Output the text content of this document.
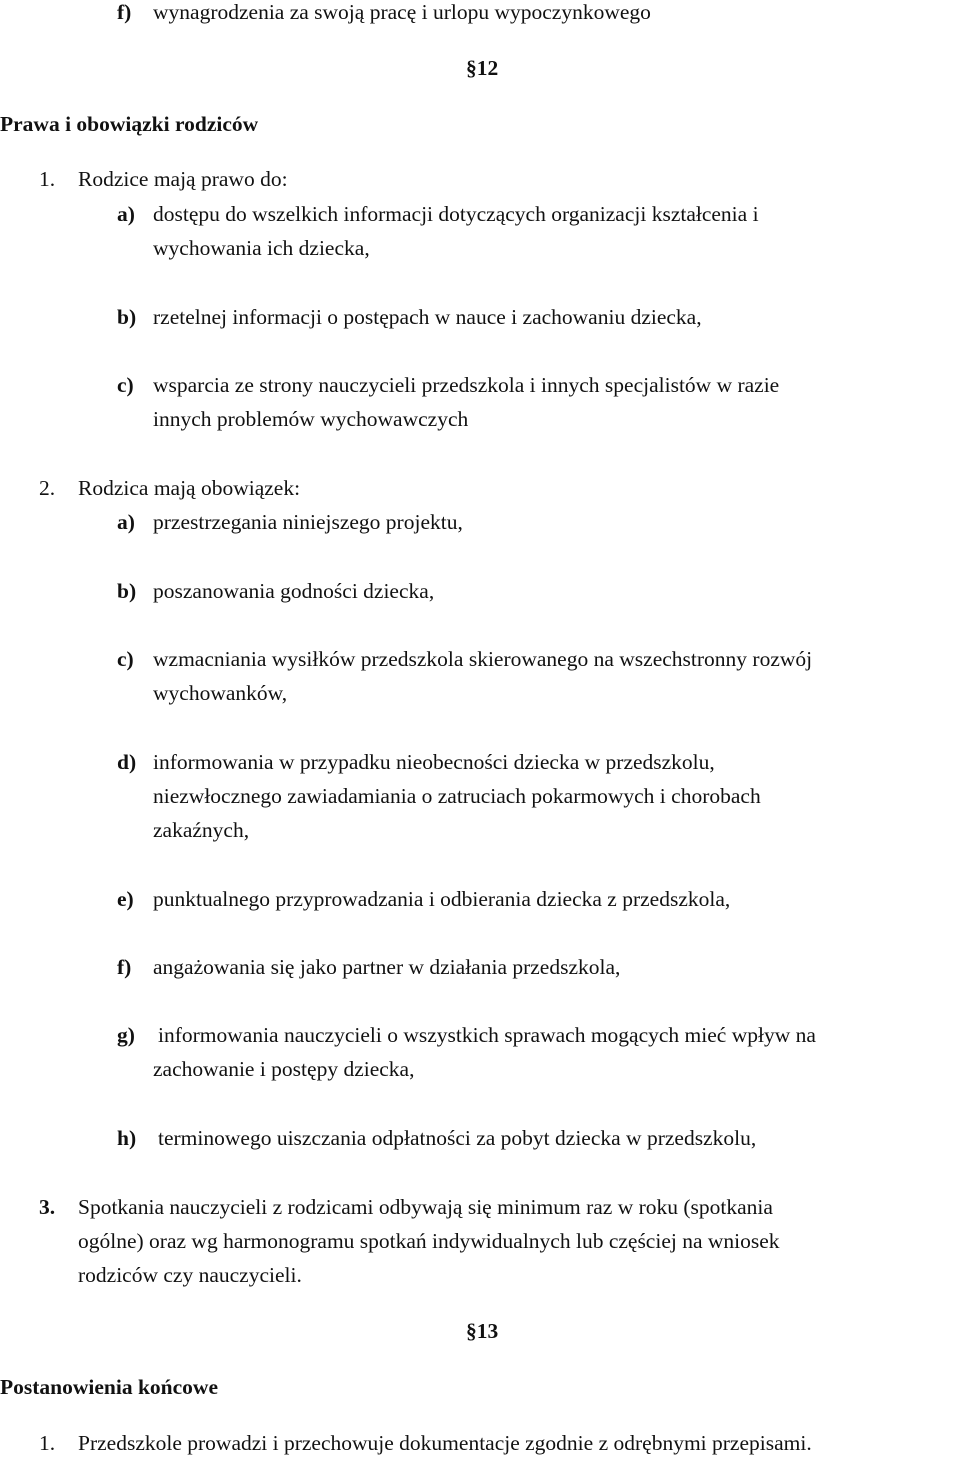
f) wynagrodzenia za swoją pracę i urlopu wypoczynkowego
§12
Prawa i obowiązki rodziców
1. Rodzice mają prawo do:
a) dostępu do wszelkich informacji dotyczących organizacji kształcenia i
wychowania ich dziecka,
b) rzetelnej informacji o postępach w nauce i zachowaniu dziecka,
c) wsparcia ze strony nauczycieli przedszkola i innych specjalistów w razie
innych problemów wychowawczych
2. Rodzica mają obowiązek:
a) przestrzegania niniejszego projektu,
b) poszanowania godności dziecka,
c) wzmacniania wysiłków przedszkola skierowanego na wszechstronny rozwój
wychowanków,
d) informowania w przypadku nieobecności dziecka w przedszkolu,
niezwłocznego zawiadamiania o zatruciach pokarmowych i chorobach
zakaźnych,
e) punktualnego przyprowadzania i odbierania dziecka z przedszkola,
f) angażowania się jako partner w działania przedszkola,
g) informowania nauczycieli o wszystkich sprawach mogących mieć wpływ na
zachowanie i postępy dziecka,
h) terminowego uiszczania odpłatności za pobyt dziecka w przedszkolu,
3. Spotkania nauczycieli z rodzicami odbywają się minimum raz w roku (spotkania
ogólne) oraz wg harmonogramu spotkań indywidualnych lub częściej na wniosek
rodziców czy nauczycieli.
§13
Postanowienia końcowe
1. Przedszkole prowadzi i przechowuje dokumentacje zgodnie z odrębnymi przepisami.
